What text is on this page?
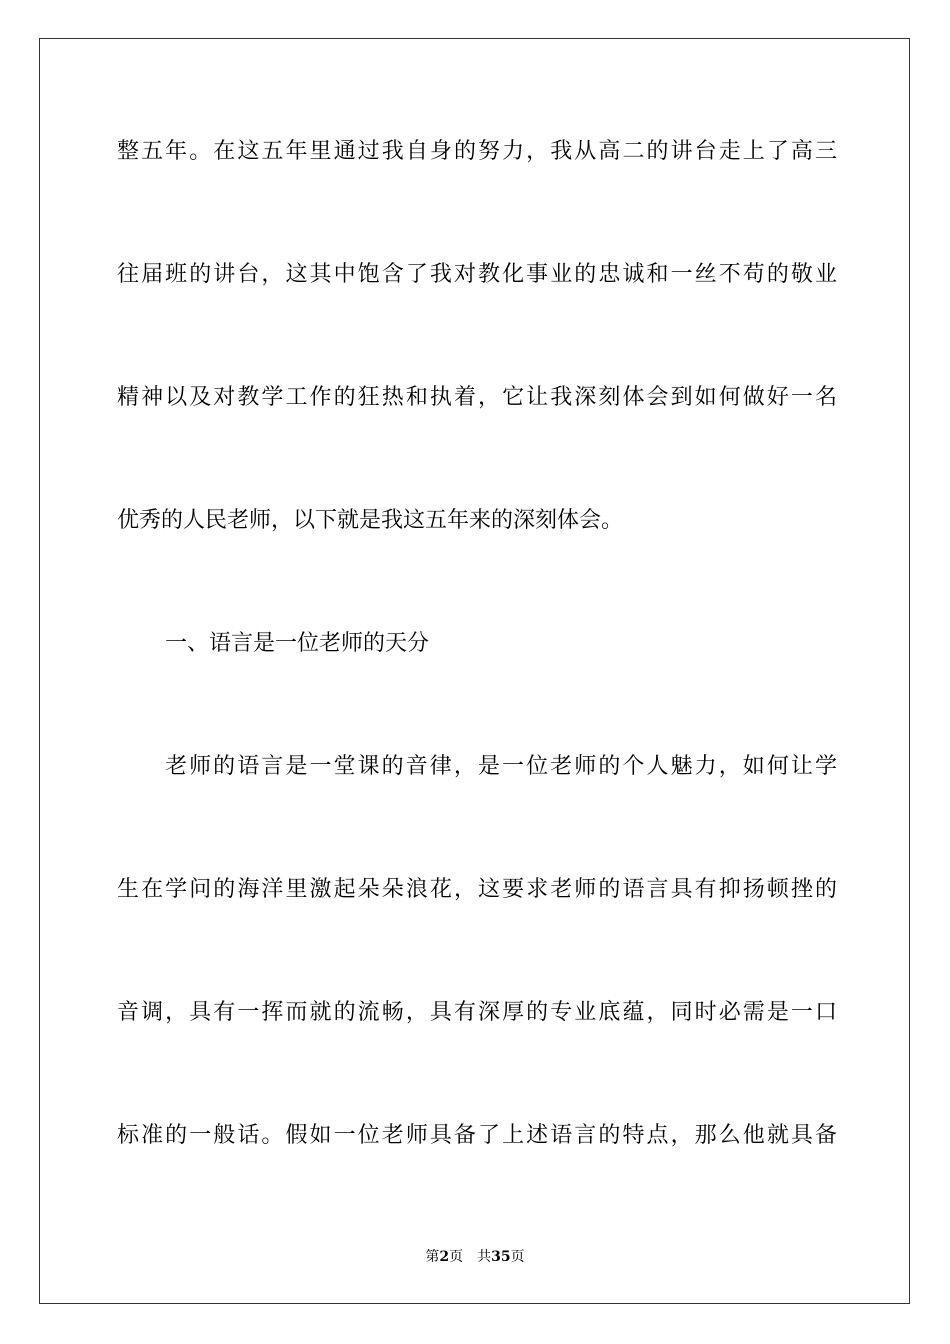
整五年。在这五年里通过我自身的努力，我从高二的讲台走上了高三
往届班的讲台，这其中饱含了我对教化事业的忠诚和一丝不苟的敬业
精神以及对教学工作的狂热和执着，它让我深刻体会到如何做好一名
优秀的人民老师，以下就是我这五年来的深刻体会。
一、语言是一位老师的天分
老师的语言是一堂课的音律，是一位老师的个人魅力，如何让学
生在学问的海洋里激起朵朵浪花，这要求老师的语言具有抑扬顿挫的
音调，具有一挥而就的流畅，具有深厚的专业底蕴，同时必需是一口
标准的一般话。假如一位老师具备了上述语言的特点，那么他就具备
第2页 共35页
